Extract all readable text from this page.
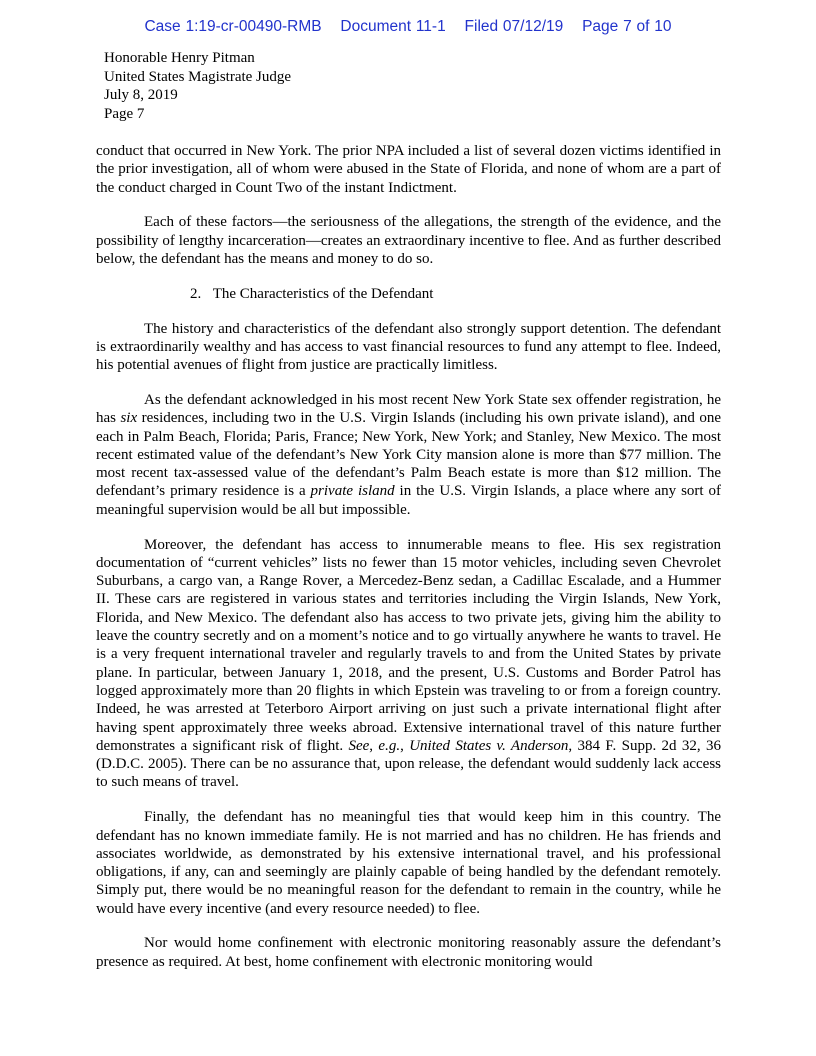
Case 1:19-cr-00490-RMB Document 11-1 Filed 07/12/19 Page 7 of 10
Honorable Henry Pitman
United States Magistrate Judge
July 8, 2019
Page 7

conduct that occurred in New York. The prior NPA included a list of several dozen victims identified in the prior investigation, all of whom were abused in the State of Florida, and none of whom are a part of the conduct charged in Count Two of the instant Indictment.

Each of these factors—the seriousness of the allegations, the strength of the evidence, and the possibility of lengthy incarceration—creates an extraordinary incentive to flee. And as further described below, the defendant has the means and money to do so.

2. The Characteristics of the Defendant

The history and characteristics of the defendant also strongly support detention. The defendant is extraordinarily wealthy and has access to vast financial resources to fund any attempt to flee. Indeed, his potential avenues of flight from justice are practically limitless.

As the defendant acknowledged in his most recent New York State sex offender registration, he has six residences, including two in the U.S. Virgin Islands (including his own private island), and one each in Palm Beach, Florida; Paris, France; New York, New York; and Stanley, New Mexico. The most recent estimated value of the defendant’s New York City mansion alone is more than $77 million. The most recent tax-assessed value of the defendant’s Palm Beach estate is more than $12 million. The defendant’s primary residence is a private island in the U.S. Virgin Islands, a place where any sort of meaningful supervision would be all but impossible.

Moreover, the defendant has access to innumerable means to flee. His sex registration documentation of “current vehicles” lists no fewer than 15 motor vehicles, including seven Chevrolet Suburbans, a cargo van, a Range Rover, a Mercedez-Benz sedan, a Cadillac Escalade, and a Hummer II. These cars are registered in various states and territories including the Virgin Islands, New York, Florida, and New Mexico. The defendant also has access to two private jets, giving him the ability to leave the country secretly and on a moment’s notice and to go virtually anywhere he wants to travel. He is a very frequent international traveler and regularly travels to and from the United States by private plane. In particular, between January 1, 2018, and the present, U.S. Customs and Border Patrol has logged approximately more than 20 flights in which Epstein was traveling to or from a foreign country. Indeed, he was arrested at Teterboro Airport arriving on just such a private international flight after having spent approximately three weeks abroad. Extensive international travel of this nature further demonstrates a significant risk of flight. See, e.g., United States v. Anderson, 384 F. Supp. 2d 32, 36 (D.D.C. 2005). There can be no assurance that, upon release, the defendant would suddenly lack access to such means of travel.

Finally, the defendant has no meaningful ties that would keep him in this country. The defendant has no known immediate family. He is not married and has no children. He has friends and associates worldwide, as demonstrated by his extensive international travel, and his professional obligations, if any, can and seemingly are plainly capable of being handled by the defendant remotely. Simply put, there would be no meaningful reason for the defendant to remain in the country, while he would have every incentive (and every resource needed) to flee.

Nor would home confinement with electronic monitoring reasonably assure the defendant’s presence as required. At best, home confinement with electronic monitoring would
